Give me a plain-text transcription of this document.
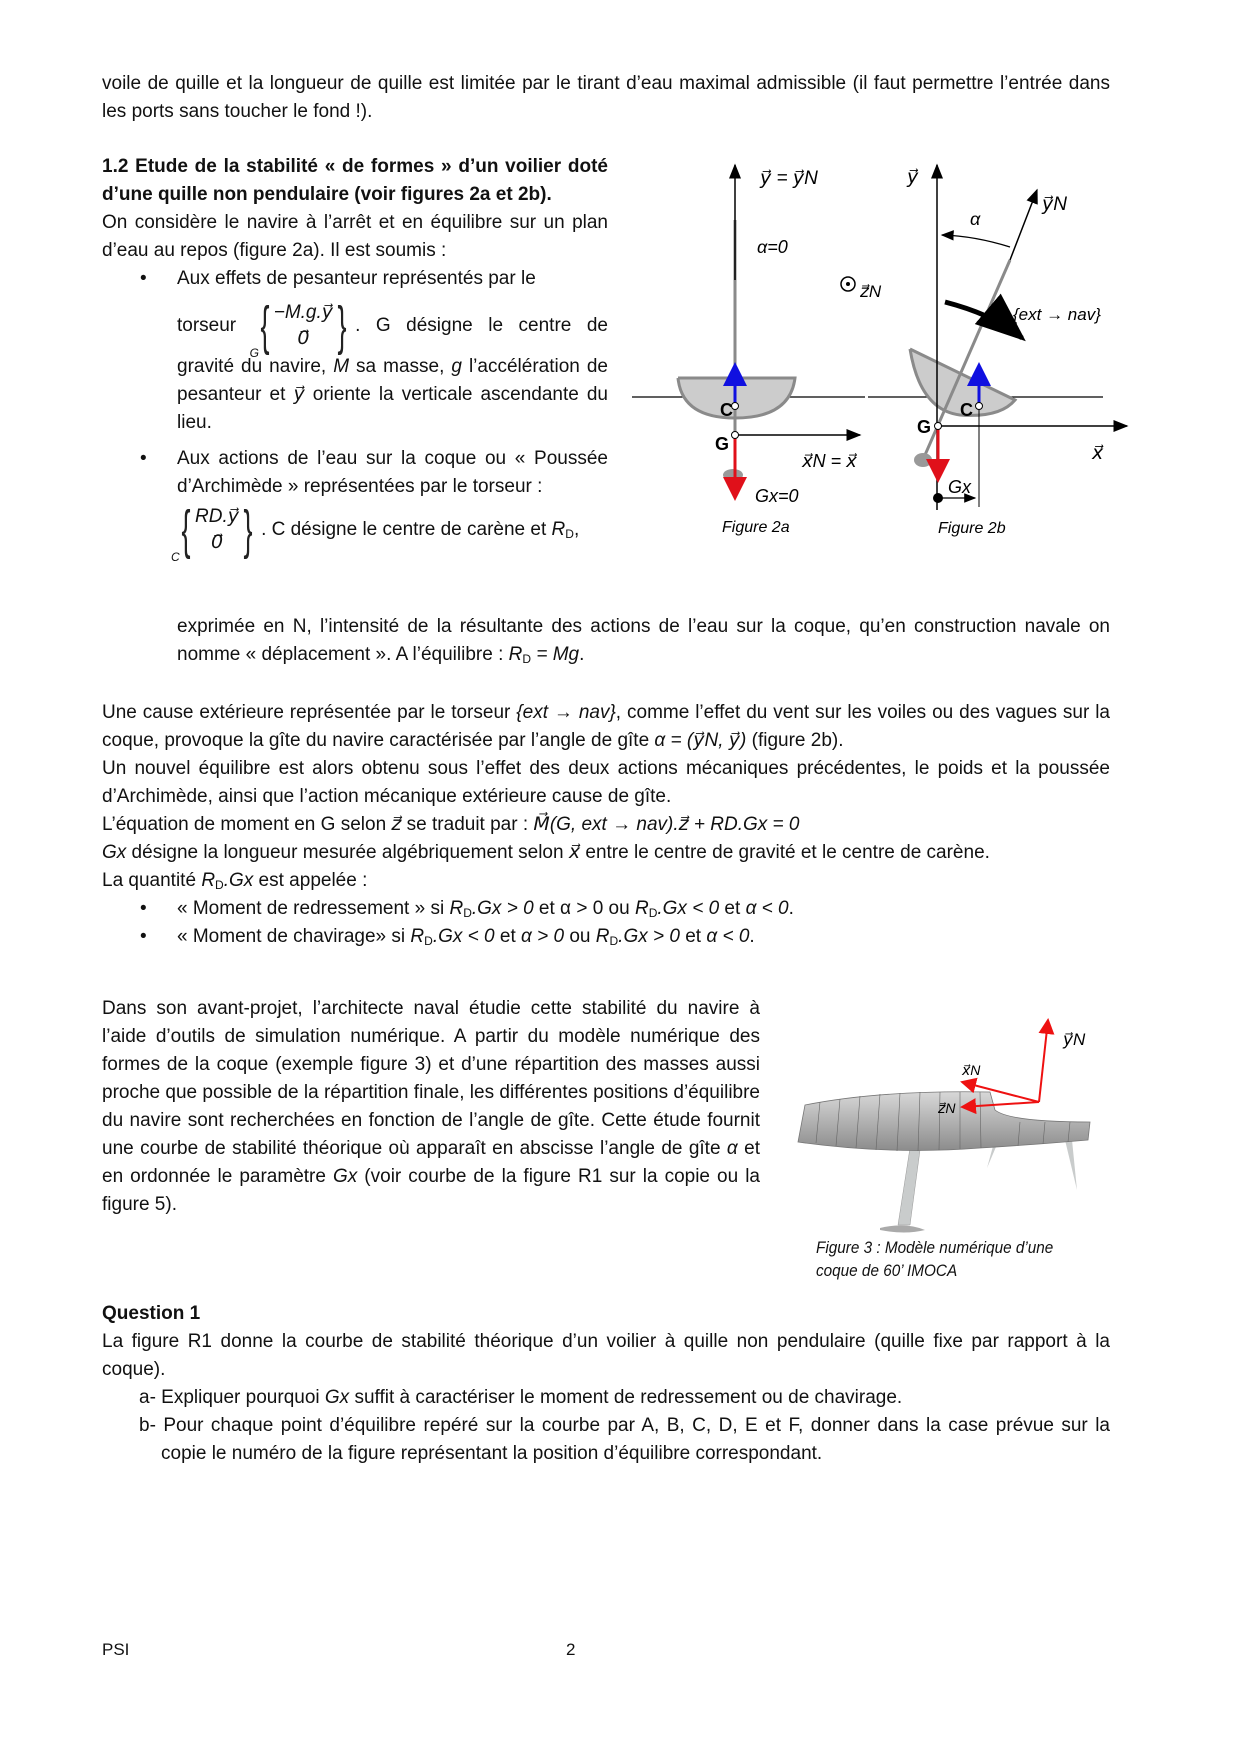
voile de quille et la longueur de quille est limitée par le tirant d’eau maximal admissible (il faut permettre l’entrée dans les ports sans toucher le fond !).
1.2 Etude de la stabilité « de formes » d’un voilier doté d’une quille non pendulaire (voir figures 2a et 2b).
On considère le navire à l’arrêt et en équilibre sur un plan d’eau au repos (figure 2a). Il est soumis :
• Aux effets de pesanteur représentés par le
torseur { −M.g.y⃗
0⃗ }
G
. G désigne le centre de gravité du navire, M sa masse, g l’accélération de pesanteur et y⃗ oriente la verticale ascendante du lieu.
• Aux actions de l’eau sur la coque ou « Poussée d’Archimède » représentées par le torseur :
{ RD.y⃗
0⃗ }
C
. C désigne le centre de carène et $R_D$,
exprimée en N, l’intensité de la résultante des actions de l’eau sur la coque, qu’en construction navale on nomme « déplacement ». A l’équilibre : $R_D = Mg$.
C
G
y⃗ = y⃗N
α=0
z⃗N
x⃗N = x⃗
Gx=0
Figure 2a
C
G
y⃗
y⃗N
α
{ext → nav}
x⃗
Gx
Figure 2b
Une cause extérieure représentée par le torseur {ext → nav}, comme l’effet du vent sur les voiles ou des vagues sur la coque, provoque la gîte du navire caractérisée par l’angle de gîte α = (y⃗N, y⃗) (figure 2b).
Un nouvel équilibre est alors obtenu sous l’effet des deux actions mécaniques précédentes, le poids et la poussée d’Archimède, ainsi que l’action mécanique extérieure cause de gîte.
L’équation de moment en G selon z⃗ se traduit par : M⃗(G, ext → nav).z⃗ + RD.Gx = 0
Gx désigne la longueur mesurée algébriquement selon x⃗ entre le centre de gravité et le centre de carène.
La quantité $R_D.Gx$ est appelée :
• « Moment de redressement » si $R_D.Gx > 0$ et α > 0 ou $R_D.Gx < 0$ et α < 0.
• « Moment de chavirage» si $R_D.Gx < 0$ et α > 0 ou $R_D.Gx > 0$ et α < 0.
Dans son avant-projet, l’architecte naval étudie cette stabilité du navire à l’aide d’outils de simulation numérique. A partir du modèle numérique des formes de la coque (exemple figure 3) et d’une répartition des masses aussi proche que possible de la répartition finale, les différentes positions d’équilibre du navire sont recherchées en fonction de l’angle de gîte. Cette étude fournit une courbe de stabilité théorique où apparaît en abscisse l’angle de gîte α et en ordonnée le paramètre Gx (voir courbe de la figure R1 sur la copie ou la figure 5).
y⃗N
x⃗N
z⃗N
Figure 3 : Modèle numérique d’une
coque de 60’ IMOCA
Question 1
La figure R1 donne la courbe de stabilité théorique d’un voilier à quille non pendulaire (quille fixe par rapport à la coque).
a- Expliquer pourquoi Gx suffit à caractériser le moment de redressement ou de chavirage.
b- Pour chaque point d’équilibre repéré sur la courbe par A, B, C, D, E et F, donner dans la case prévue sur la copie le numéro de la figure représentant la position d’équilibre correspondant.
PSI	2
